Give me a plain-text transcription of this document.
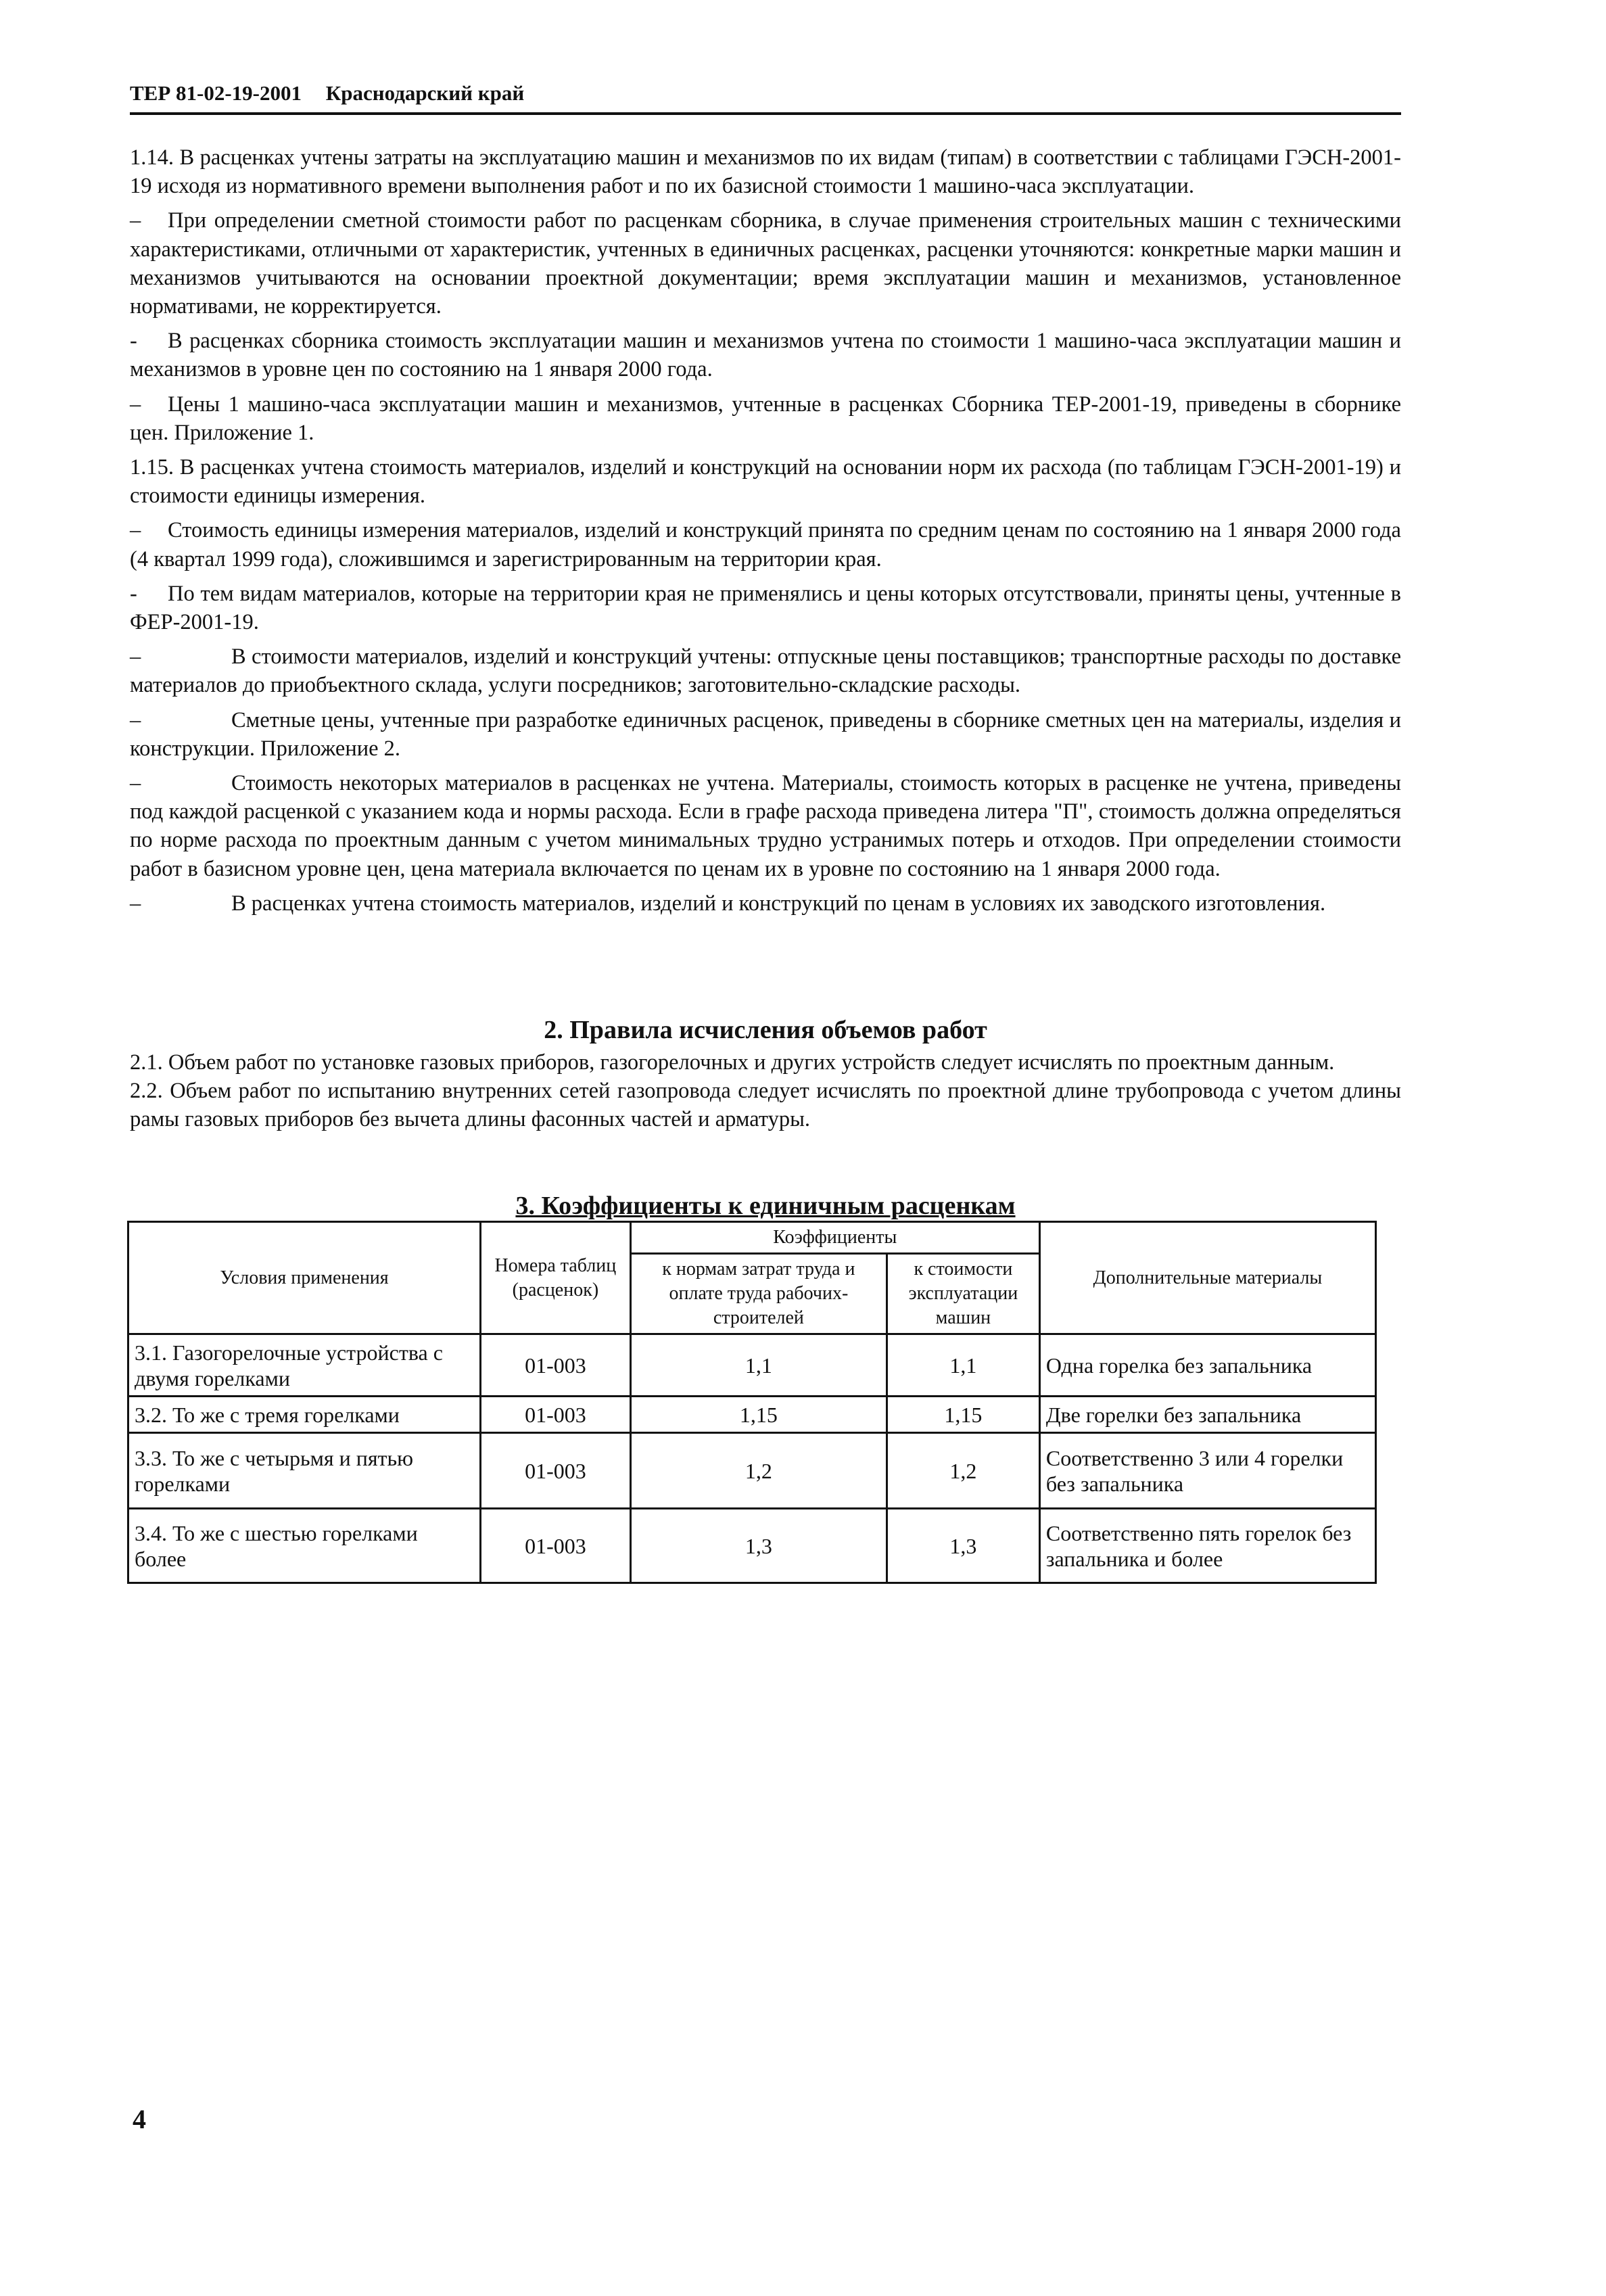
ТЕР 81-02-19-2001 Краснодарский край

1.14. В расценках учтены затраты на эксплуатацию машин и механизмов по их видам (типам) в соответствии с таблицами ГЭСН-2001-19 исходя из нормативного времени выполнения работ и по их базисной стоимости 1 машино-часа эксплуатации.

– При определении сметной стоимости работ по расценкам сборника, в случае применения строительных машин с техническими характеристиками, отличными от характеристик, учтенных в единичных расценках, расценки уточняются: конкретные марки машин и механизмов учитываются на основании проектной документации; время эксплуатации машин и механизмов, установленное нормативами, не корректируется.

- В расценках сборника стоимость эксплуатации машин и механизмов учтена по стоимости 1 машино-часа эксплуатации машин и механизмов в уровне цен по состоянию на 1 января 2000 года.

– Цены 1 машино-часа эксплуатации машин и механизмов, учтенные в расценках Сборника ТЕР-2001-19, приведены в сборнике цен. Приложение 1.

1.15. В расценках учтена стоимость материалов, изделий и конструкций на основании норм их расхода (по таблицам ГЭСН-2001-19) и стоимости единицы измерения.

– Стоимость единицы измерения материалов, изделий и конструкций принята по средним ценам по состоянию на 1 января 2000 года (4 квартал 1999 года), сложившимся и зарегистрированным на территории края.

- По тем видам материалов, которые на территории края не применялись и цены которых отсутствовали, приняты цены, учтенные в ФЕР-2001-19.

–	В стоимости материалов, изделий и конструкций учтены: отпускные цены поставщиков; транспортные расходы по доставке материалов до приобъектного склада, услуги посредников; заготовительно-складские расходы.

–	Сметные цены, учтенные при разработке единичных расценок, приведены в сборнике сметных цен на материалы, изделия и конструкции. Приложение 2.

–	Стоимость некоторых материалов в расценках не учтена. Материалы, стоимость которых в расценке не учтена, приведены под каждой расценкой с указанием кода и нормы расхода. Если в графе расхода приведена литера "П", стоимость должна определяться по норме расхода по проектным данным с учетом минимальных трудно устранимых потерь и отходов. При определении стоимости работ в базисном уровне цен, цена материала включается по ценам их в уровне по состоянию на 1 января 2000 года.

–	В расценках учтена стоимость материалов, изделий и конструкций по ценам в условиях их заводского изготовления.

2. Правила исчисления объемов работ

2.1. Объем работ по установке газовых приборов, газогорелочных и других устройств следует исчислять по проектным данным.

2.2. Объем работ по испытанию внутренних сетей газопровода следует исчислять по проектной длине трубопровода с учетом длины рамы газовых приборов без вычета длины фасонных частей и арматуры.

3. Коэффициенты к единичным расценкам
Условия применения	Номера таблиц (расценок)	Коэффициенты		Дополнительные материалы
		к нормам затрат труда и оплате труда рабочих-строителей	к стоимости эксплуатации машин	
3.1. Газогорелочные устройства с двумя горелками	01-003	1,1	1,1	Одна горелка без запальника
3.2. То же с тремя горелками	01-003	1,15	1,15	Две горелки без запальника
3.3. То же с четырьмя и пятью горелками	01-003	1,2	1,2	Соответственно 3 или 4 горелки без запальника
3.4. То же с шестью горелками более	01-003	1,3	1,3	Соответственно пять горелок без запальника и более
4
